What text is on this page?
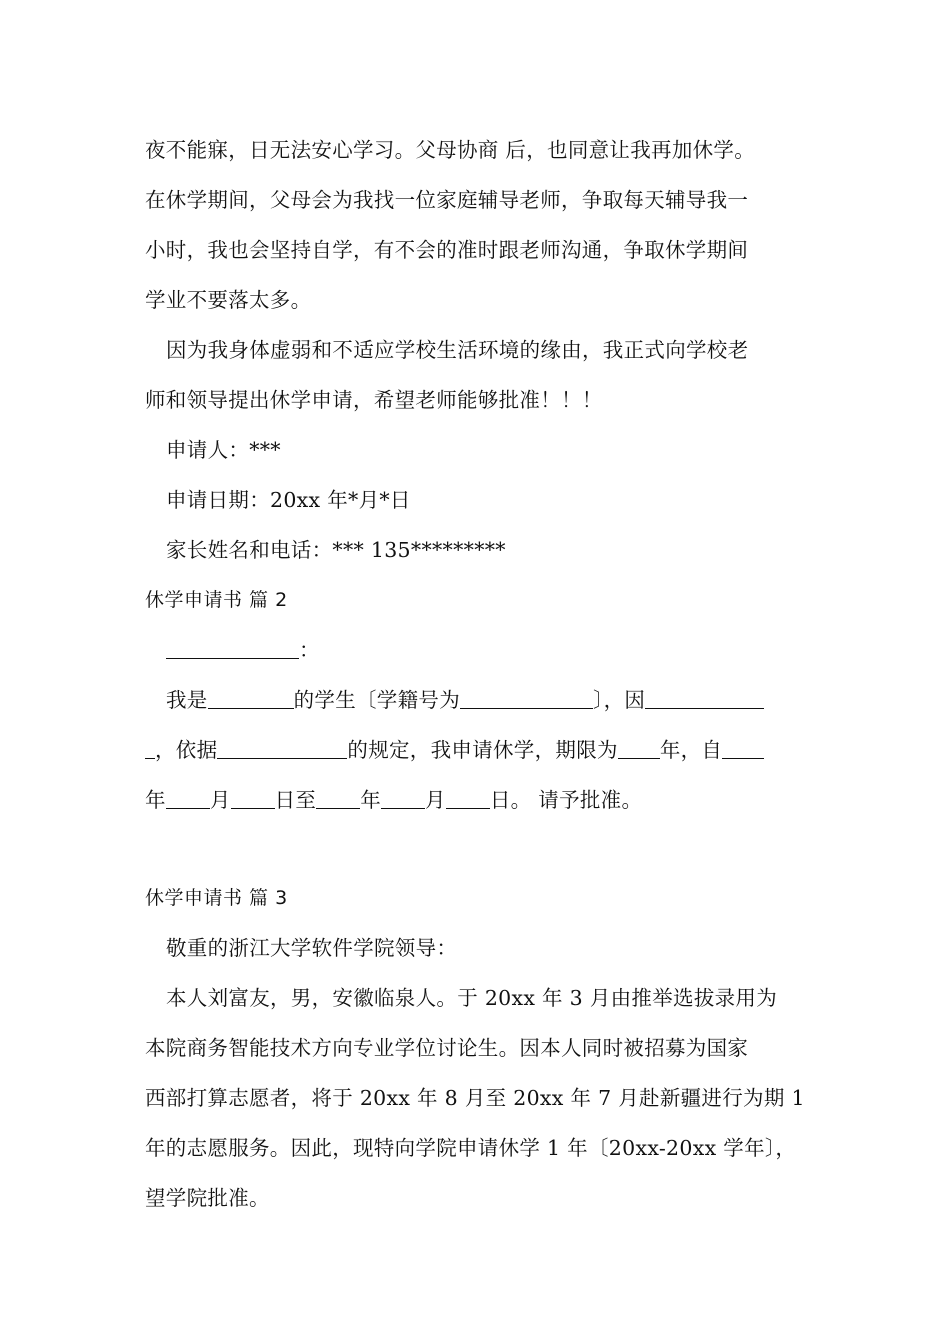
夜不能寐，日无法安心学习。父母协商 后，也同意让我再加休学。
在休学期间，父母会为我找一位家庭辅导老师，争取每天辅导我一
小时，我也会坚持自学，有不会的准时跟老师沟通，争取休学期间
学业不要落太多。
因为我身体虚弱和不适应学校生活环境的缘由，我正式向学校老
师和领导提出休学申请，希望老师能够批准！！！
申请人：***
申请日期：20xx 年*月*日
家长姓名和电话：*** 135*********
休学申请书 篇 2
：
我是	的学生〔学籍号为	〕，因
，依据	的规定，我申请休学，期限为 年，自
年 月 日至 年 月 日。 请予批准。
休学申请书 篇 3
敬重的浙江大学软件学院领导：
本人刘富友，男，安徽临泉人。于 20xx 年 3 月由推举选拔录用为
本院商务智能技术方向专业学位讨论生。因本人同时被招募为国家
西部打算志愿者，将于 20xx 年 8 月至 20xx 年 7 月赴新疆进行为期 1
年的志愿服务。因此，现特向学院申请休学 1 年〔20xx-20xx 学年〕，
望学院批准。
